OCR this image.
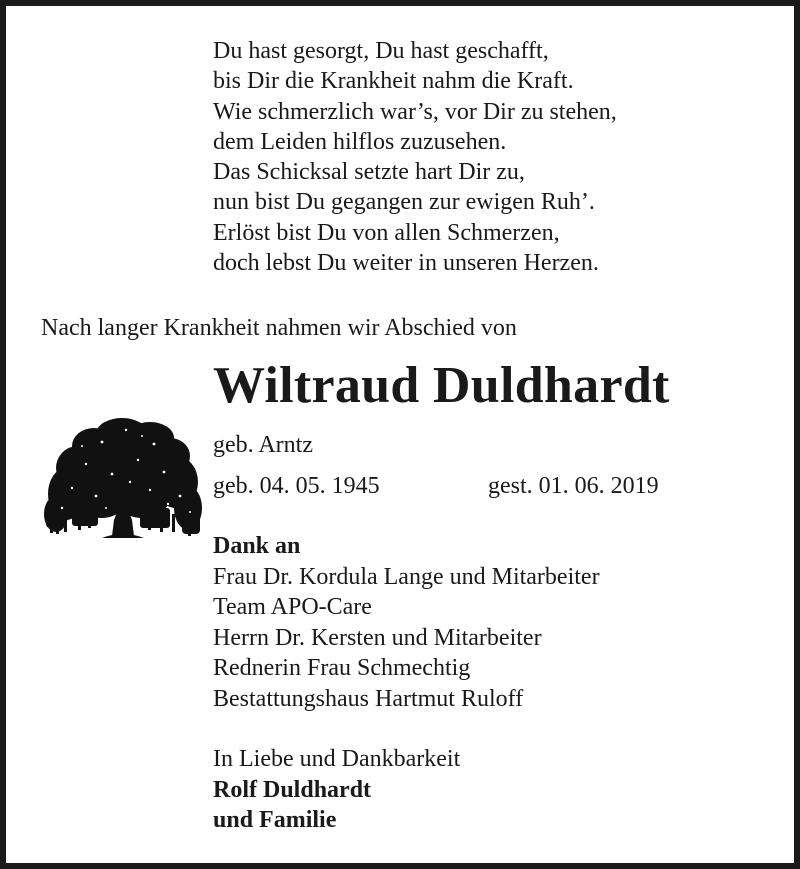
Du hast gesorgt, Du hast geschafft,
bis Dir die Krankheit nahm die Kraft.
Wie schmerzlich war’s, vor Dir zu stehen,
dem Leiden hilflos zuzusehen.
Das Schicksal setzte hart Dir zu,
nun bist Du gegangen zur ewigen Ruh’.
Erlöst bist Du von allen Schmerzen,
doch lebst Du weiter in unseren Herzen.
Nach langer Krankheit nahmen wir Abschied von
Wiltraud Duldhardt
geb. Arntz
geb. 04. 05. 1945	gest. 01. 06. 2019
Dank an
Frau Dr. Kordula Lange und Mitarbeiter
Team APO-Care
Herrn Dr. Kersten und Mitarbeiter
Rednerin Frau Schmechtig
Bestattungshaus Hartmut Ruloff
In Liebe und Dankbarkeit
Rolf Duldhardt
und Familie
